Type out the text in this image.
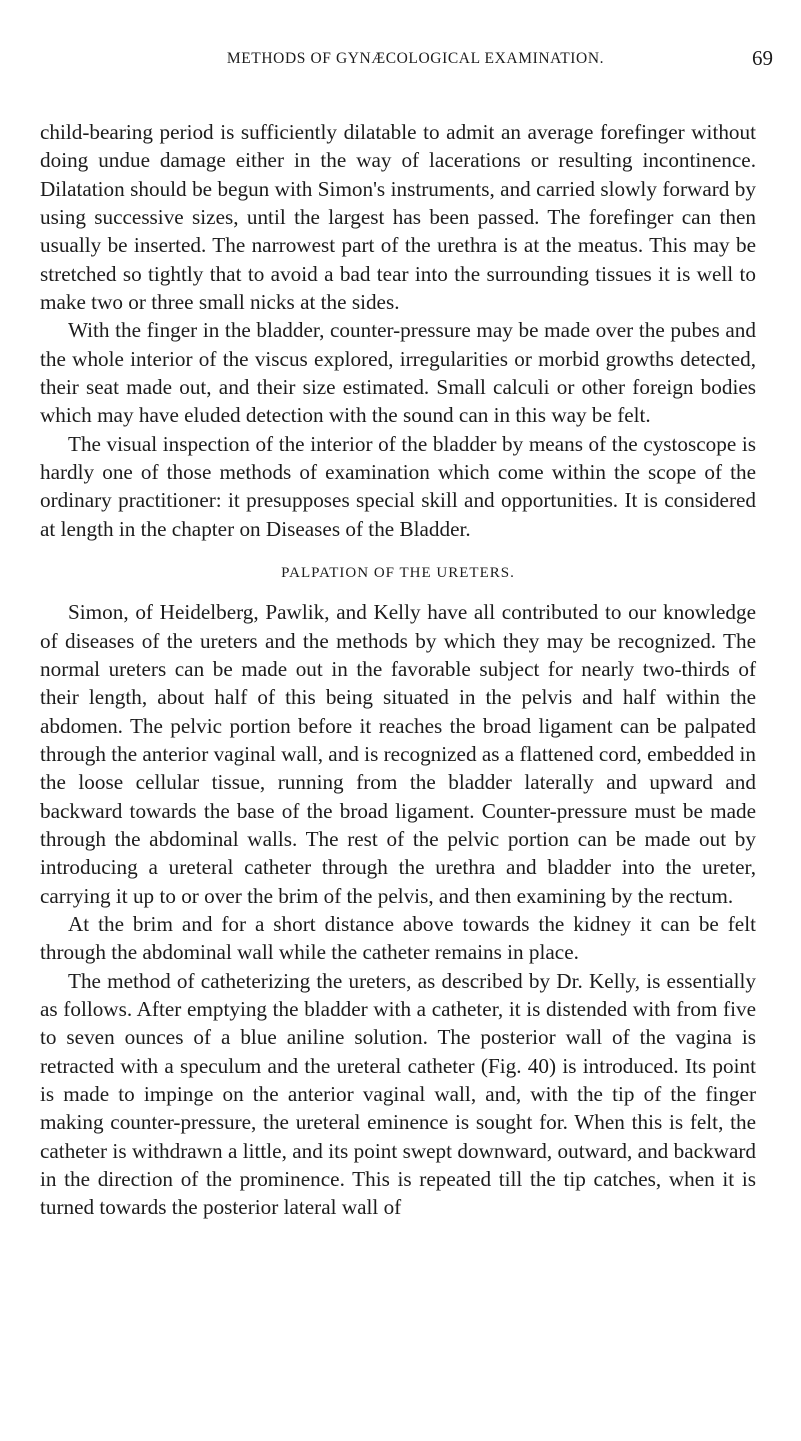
METHODS OF GYNÆCOLOGICAL EXAMINATION.	69

child-bearing period is sufficiently dilatable to admit an average forefinger without doing undue damage either in the way of lacerations or resulting incontinence. Dilatation should be begun with Simon's instruments, and carried slowly forward by using successive sizes, until the largest has been passed. The forefinger can then usually be inserted. The narrowest part of the urethra is at the meatus. This may be stretched so tightly that to avoid a bad tear into the surrounding tissues it is well to make two or three small nicks at the sides.

With the finger in the bladder, counter-pressure may be made over the pubes and the whole interior of the viscus explored, irregularities or morbid growths detected, their seat made out, and their size estimated. Small calculi or other foreign bodies which may have eluded detection with the sound can in this way be felt.

The visual inspection of the interior of the bladder by means of the cystoscope is hardly one of those methods of examination which come within the scope of the ordinary practitioner: it presupposes special skill and opportunities. It is considered at length in the chapter on Diseases of the Bladder.

PALPATION OF THE URETERS.

Simon, of Heidelberg, Pawlik, and Kelly have all contributed to our knowledge of diseases of the ureters and the methods by which they may be recognized. The normal ureters can be made out in the favorable subject for nearly two-thirds of their length, about half of this being situated in the pelvis and half within the abdomen. The pelvic portion before it reaches the broad ligament can be palpated through the anterior vaginal wall, and is recognized as a flattened cord, embedded in the loose cellular tissue, running from the bladder laterally and upward and backward towards the base of the broad ligament. Counter-pressure must be made through the abdominal walls. The rest of the pelvic portion can be made out by introducing a ureteral catheter through the urethra and bladder into the ureter, carrying it up to or over the brim of the pelvis, and then examining by the rectum.

At the brim and for a short distance above towards the kidney it can be felt through the abdominal wall while the catheter remains in place.

The method of catheterizing the ureters, as described by Dr. Kelly, is essentially as follows. After emptying the bladder with a catheter, it is distended with from five to seven ounces of a blue aniline solution. The posterior wall of the vagina is retracted with a speculum and the ureteral catheter (Fig. 40) is introduced. Its point is made to impinge on the anterior vaginal wall, and, with the tip of the finger making counter-pressure, the ureteral eminence is sought for. When this is felt, the catheter is withdrawn a little, and its point swept downward, outward, and backward in the direction of the prominence. This is repeated till the tip catches, when it is turned towards the posterior lateral wall of
